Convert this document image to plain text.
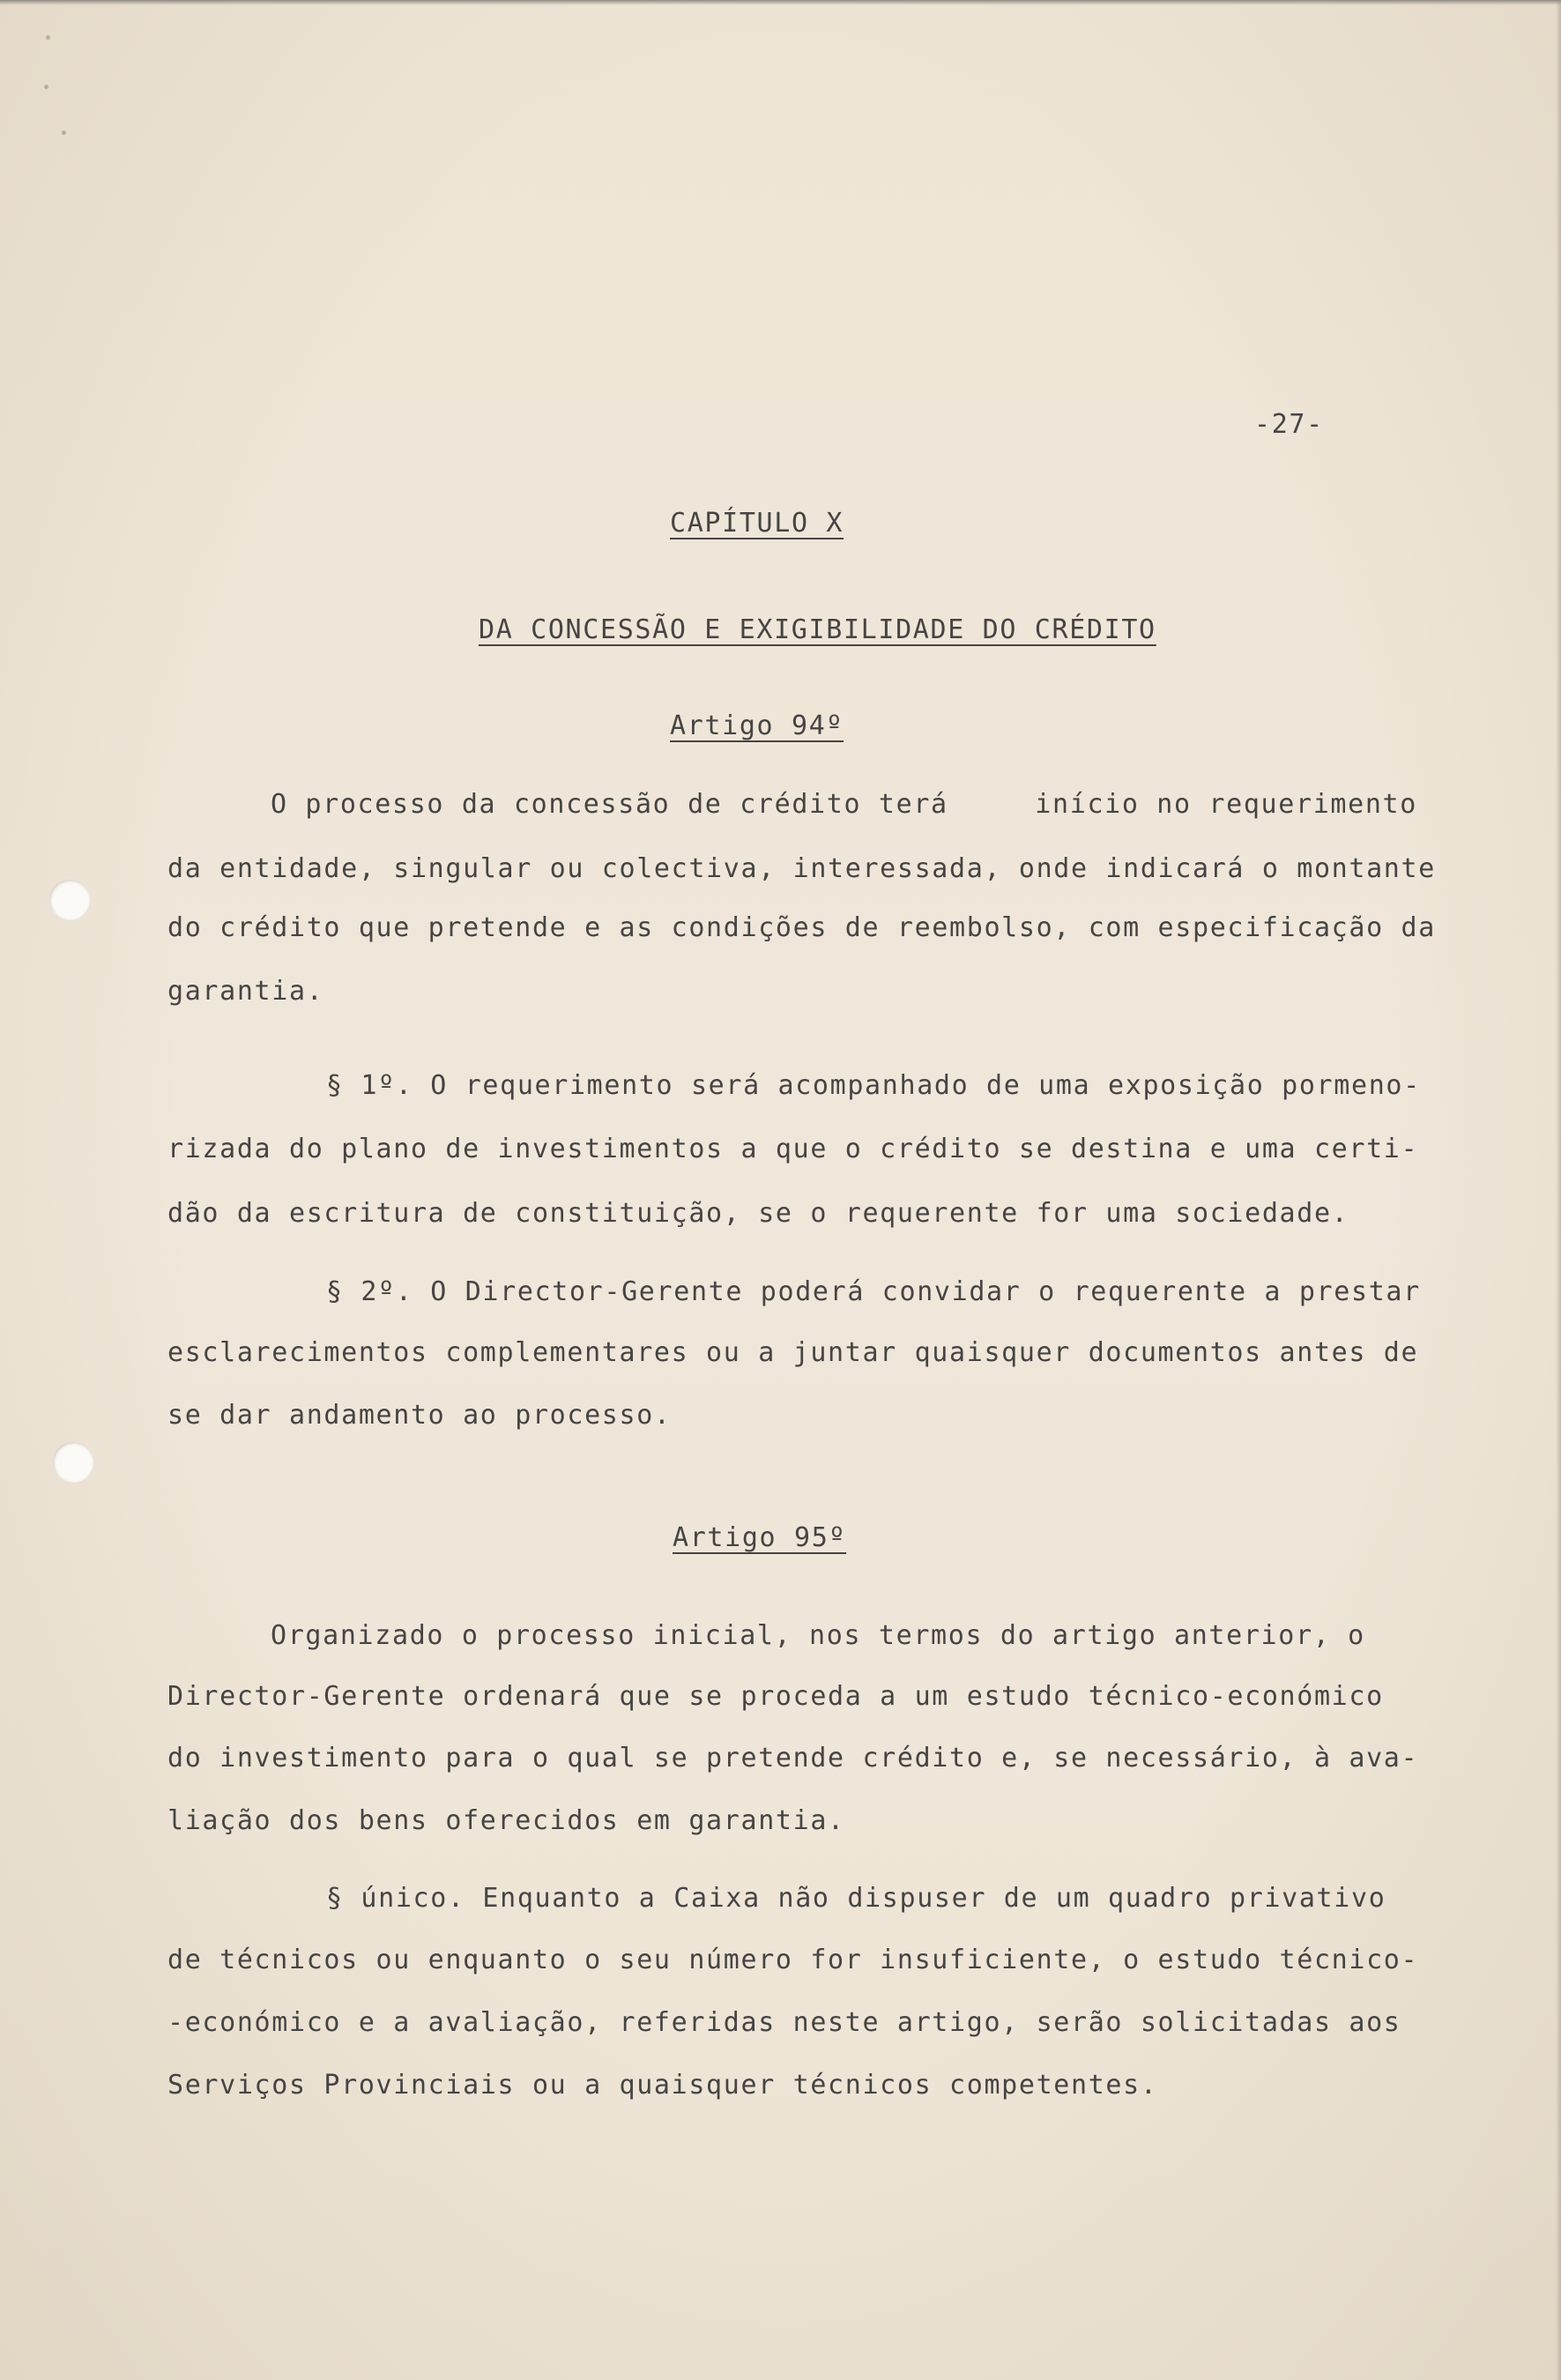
-27-
CAPÍTULO X
DA CONCESSÃO E EXIGIBILIDADE DO CRÉDITO
Artigo 94º
O processo da concessão de crédito terá     início no requerimento
da entidade, singular ou colectiva, interessada, onde indicará o montante
do crédito que pretende e as condições de reembolso, com especificação da
garantia.
§ 1º. O requerimento será acompanhado de uma exposição pormeno-
rizada do plano de investimentos a que o crédito se destina e uma certi-
dão da escritura de constituição, se o requerente for uma sociedade.
§ 2º. O Director-Gerente poderá convidar o requerente a prestar
esclarecimentos complementares ou a juntar quaisquer documentos antes de
se dar andamento ao processo.
Artigo 95º
Organizado o processo inicial, nos termos do artigo anterior, o
Director-Gerente ordenará que se proceda a um estudo técnico-económico
do investimento para o qual se pretende crédito e, se necessário, à ava-
liação dos bens oferecidos em garantia.
§ único. Enquanto a Caixa não dispuser de um quadro privativo
de técnicos ou enquanto o seu número for insuficiente, o estudo técnico-
-económico e a avaliação, referidas neste artigo, serão solicitadas aos
Serviços Provinciais ou a quaisquer técnicos competentes.
